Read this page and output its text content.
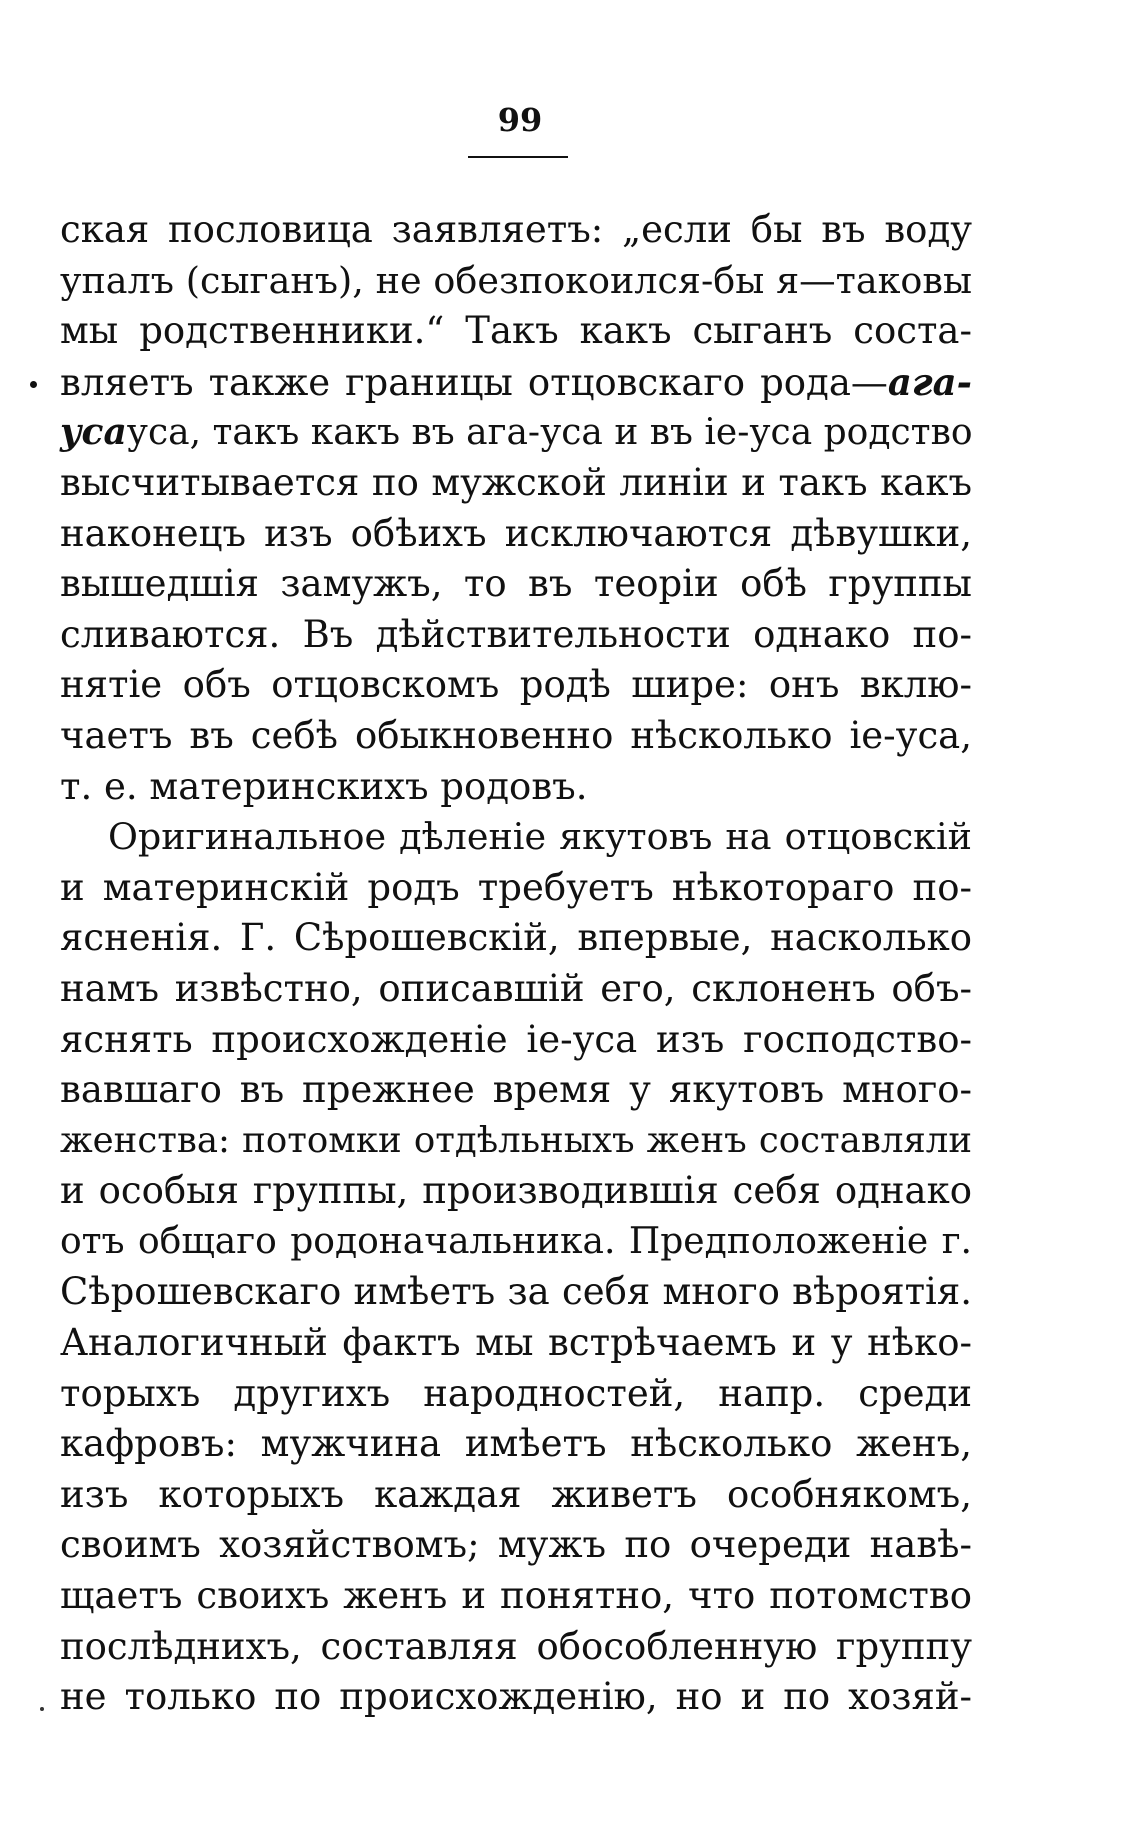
99
ская пословица заявляетъ: „если бы въ воду
упалъ (сыганъ), не обезпокоился-бы я—таковы
мы родственники.“ Такъ какъ сыганъ соста-
вляетъ также границы отцовскаго рода—ага-
усауса, такъ какъ въ ага-уса и въ іе-уса родство
высчитывается по мужской линіи и такъ какъ
наконецъ изъ обѣихъ исключаются дѣвушки,
вышедшія замужъ, то въ теоріи обѣ группы
сливаются. Въ дѣйствительности однако по-
нятіе объ отцовскомъ родѣ шире: онъ вклю-
чаетъ въ себѣ обыкновенно нѣсколько іе-уса,
т. е. материнскихъ родовъ.
Оригинальное дѣленіе якутовъ на отцовскій
и материнскій родъ требуетъ нѣкотораго по-
ясненія. Г. Сѣрошевскій, впервые, насколько
намъ извѣстно, описавшій его, склоненъ объ-
яснять происхожденіе іе-уса изъ господство-
вавшаго въ прежнее время у якутовъ много-
женства: потомки отдѣльныхъ женъ составляли
и особыя группы, производившія себя однако
отъ общаго родоначальника. Предположеніе г.
Сѣрошевскаго имѣетъ за себя много вѣроятія.
Аналогичный фактъ мы встрѣчаемъ и у нѣко-
торыхъ другихъ народностей, напр. среди
кафровъ: мужчина имѣетъ нѣсколько женъ,
изъ которыхъ каждая живетъ особнякомъ,
своимъ хозяйствомъ; мужъ по очереди навѣ-
щаетъ своихъ женъ и понятно, что потомство
послѣднихъ, составляя обособленную группу
не только по происхожденію, но и по хозяй-
